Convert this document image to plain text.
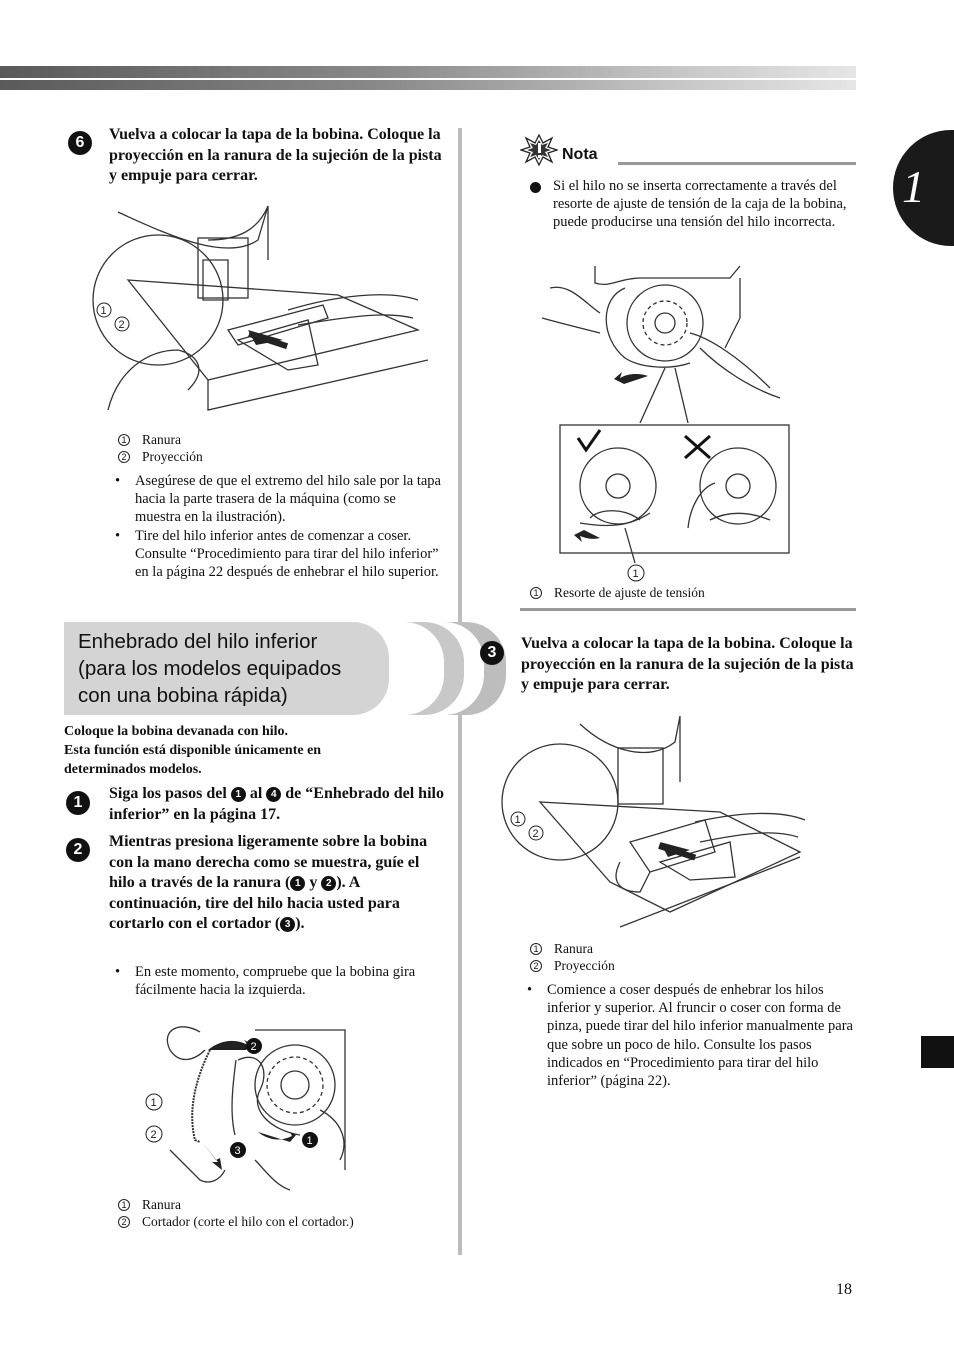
1
6	Vuelva a colocar la tapa de la bobina. Coloque la proyección en la ranura de la sujeción de la pista y empuje para cerrar.
1
2
1 Ranura
2 Proyección
• Asegúrese de que el extremo del hilo sale por la tapa hacia la parte trasera de la máquina (como se muestra en la ilustración).
• Tire del hilo inferior antes de comenzar a coser. Consulte “Procedimiento para tirar del hilo inferior” en la página 22 después de enhebrar el hilo superior.
Enhebrado del hilo inferior
(para los modelos equipados
con una bobina rápida)
Coloque la bobina devanada con hilo.
Esta función está disponible únicamente en
determinados modelos.
1
Siga los pasos del 1 al 4 de “Enhebrado del hilo inferior” en la página 17.
2	Mientras presiona ligeramente sobre la bobina con la mano derecha como se muestra, guíe el hilo a través de la ranura ( 1 y 2 ). A continuación, tire del hilo hacia usted para cortarlo con el cortador ( 3 ).
• En este momento, compruebe que la bobina gira fácilmente hacia la izquierda.
1
2
2
3
1
1 Ranura
2 Cortador (corte el hilo con el cortador.)
Nota
Si el hilo no se inserta correctamente a través del resorte de ajuste de tensión de la caja de la bobina, puede producirse una tensión del hilo incorrecta.
1
1 Resorte de ajuste de tensión
3
Vuelva a colocar la tapa de la bobina. Coloque la proyección en la ranura de la sujeción de la pista y empuje para cerrar.
1
2
1 Ranura
2 Proyección
• Comience a coser después de enhebrar los hilos inferior y superior. Al fruncir o coser con forma de pinza, puede tirar del hilo inferior manualmente para que sobre un poco de hilo. Consulte los pasos indicados en “Procedimiento para tirar del hilo inferior” (página 22).
18
